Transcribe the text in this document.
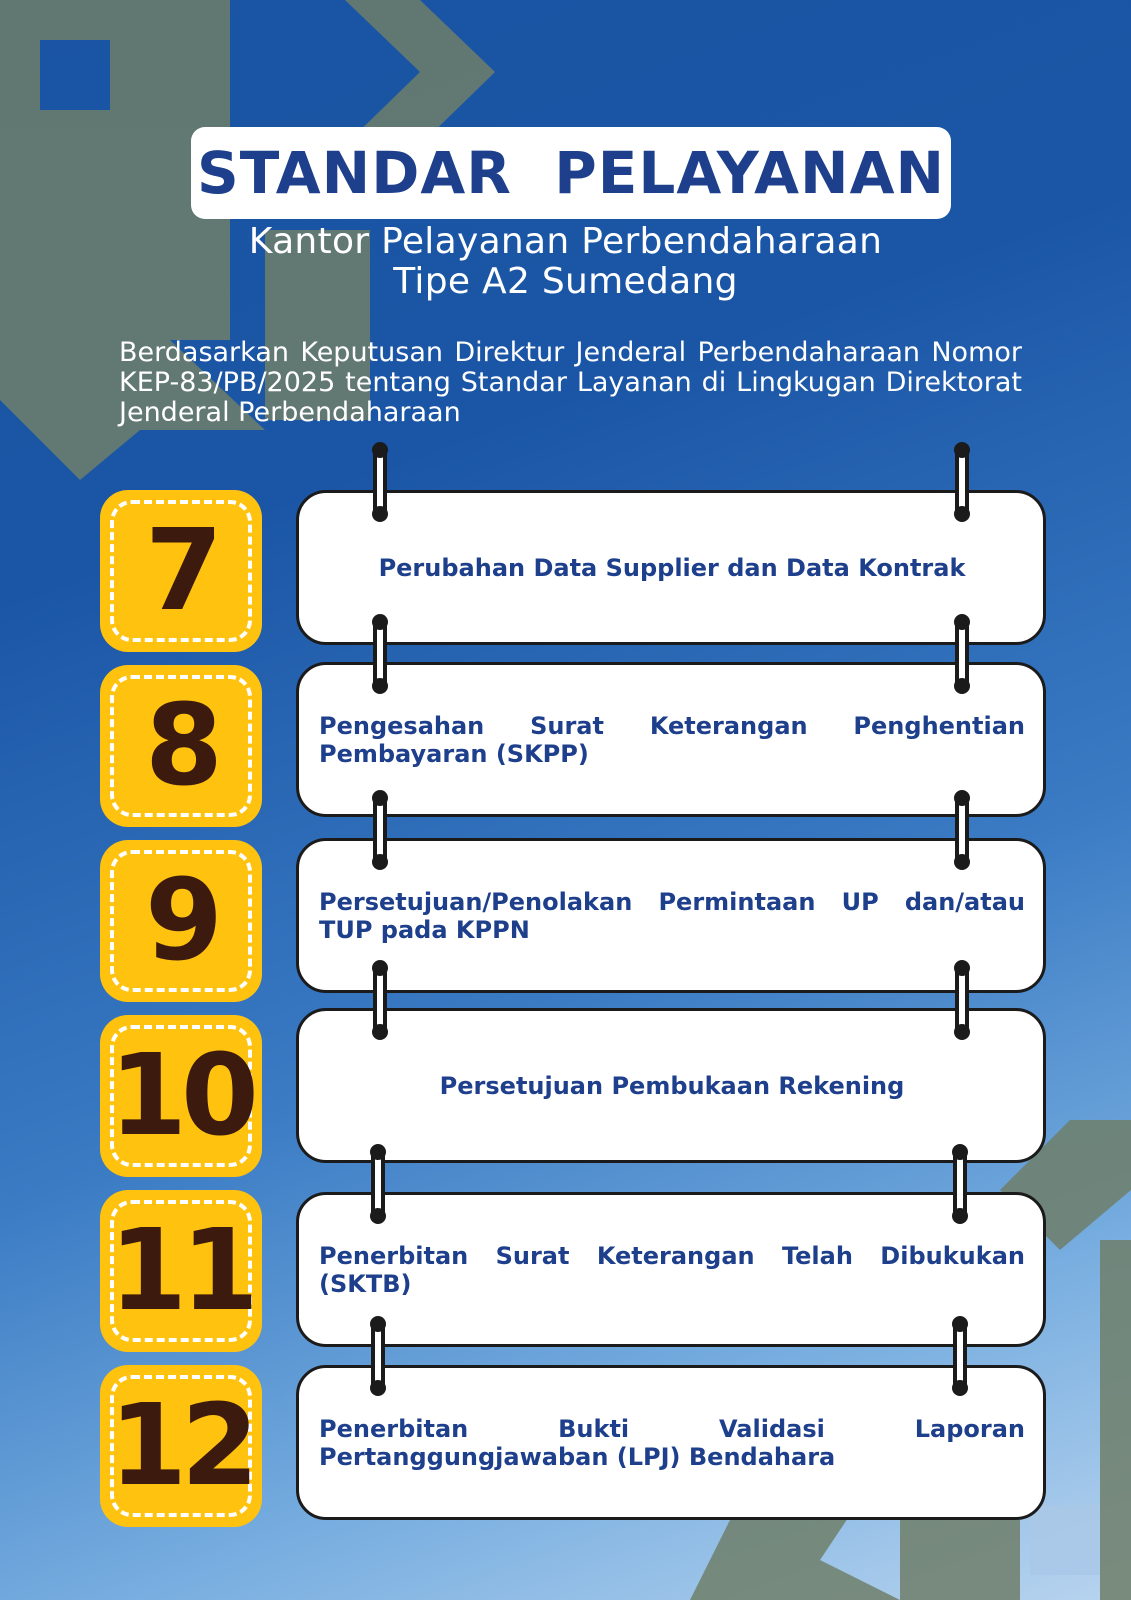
STANDAR  PELAYANAN
Kantor Pelayanan Perbendaharaan
Tipe A2 Sumedang
Berdasarkan Keputusan Direktur Jenderal Perbendaharaan Nomor KEP-83/PB/2025 tentang Standar Layanan di Lingkugan Direktorat Jenderal Perbendaharaan
7
8
9
10
11
12
Perubahan Data Supplier dan Data Kontrak
Pengesahan Surat Keterangan Penghentian Pembayaran (SKPP)
Persetujuan/Penolakan Permintaan UP dan/atau TUP pada KPPN
Persetujuan Pembukaan Rekening
Penerbitan Surat Keterangan Telah Dibukukan (SKTB)
Penerbitan Bukti Validasi Laporan Pertanggungjawaban (LPJ) Bendahara
